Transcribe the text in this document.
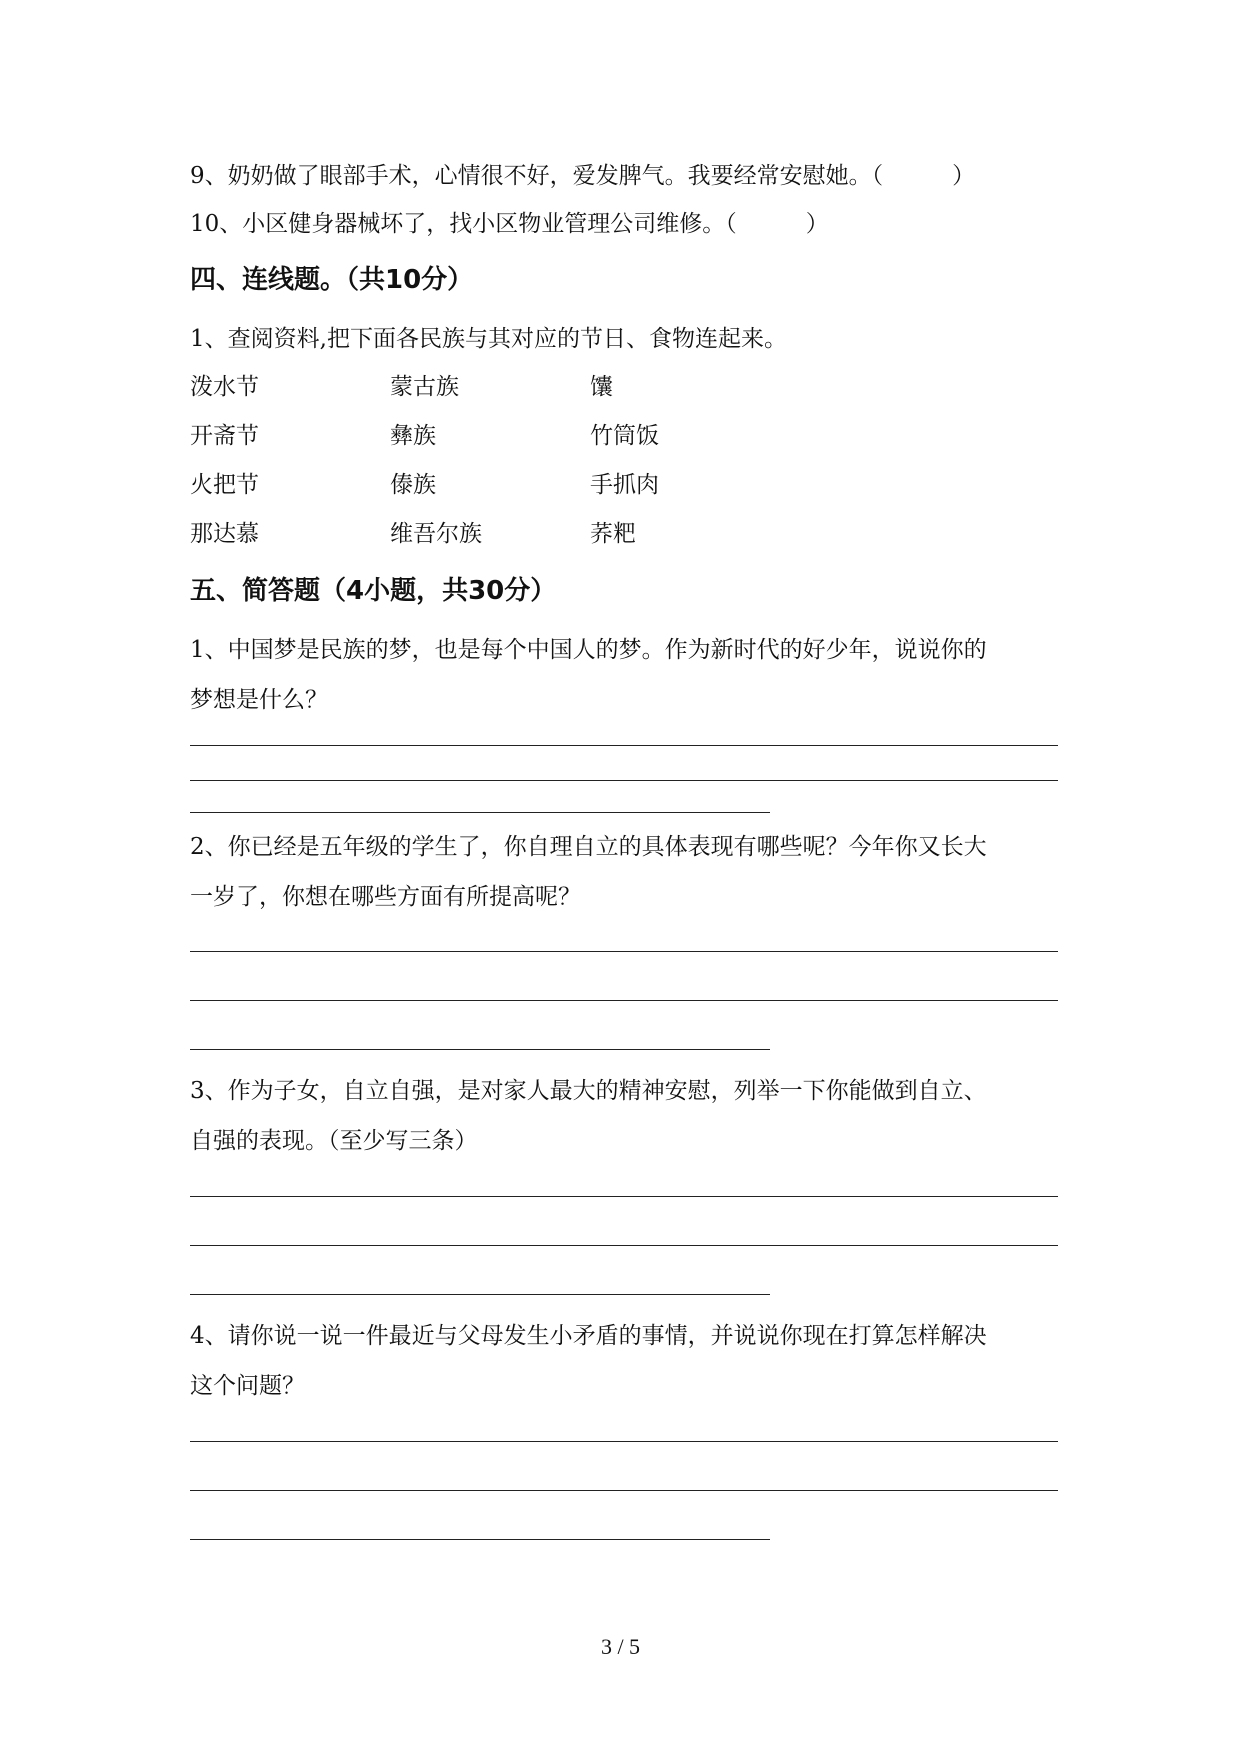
9、奶奶做了眼部手术，心情很不好，爱发脾气。我要经常安慰她。（　　　）
10、小区健身器械坏了，找小区物业管理公司维修。（　　　）
四、连线题。（共10分）
1、查阅资料,把下面各民族与其对应的节日、食物连起来。
泼水节	蒙古族	馕
开斋节	彝族	竹筒饭
火把节	傣族	手抓肉
那达慕	维吾尔族	荞粑
五、简答题（4小题，共30分）
1、中国梦是民族的梦，也是每个中国人的梦。作为新时代的好少年，说说你的
梦想是什么？
2、你已经是五年级的学生了，你自理自立的具体表现有哪些呢？今年你又长大
一岁了，你想在哪些方面有所提高呢？
3、作为子女，自立自强，是对家人最大的精神安慰，列举一下你能做到自立、
自强的表现。（至少写三条）
4、请你说一说一件最近与父母发生小矛盾的事情，并说说你现在打算怎样解决
这个问题？
3 / 5
